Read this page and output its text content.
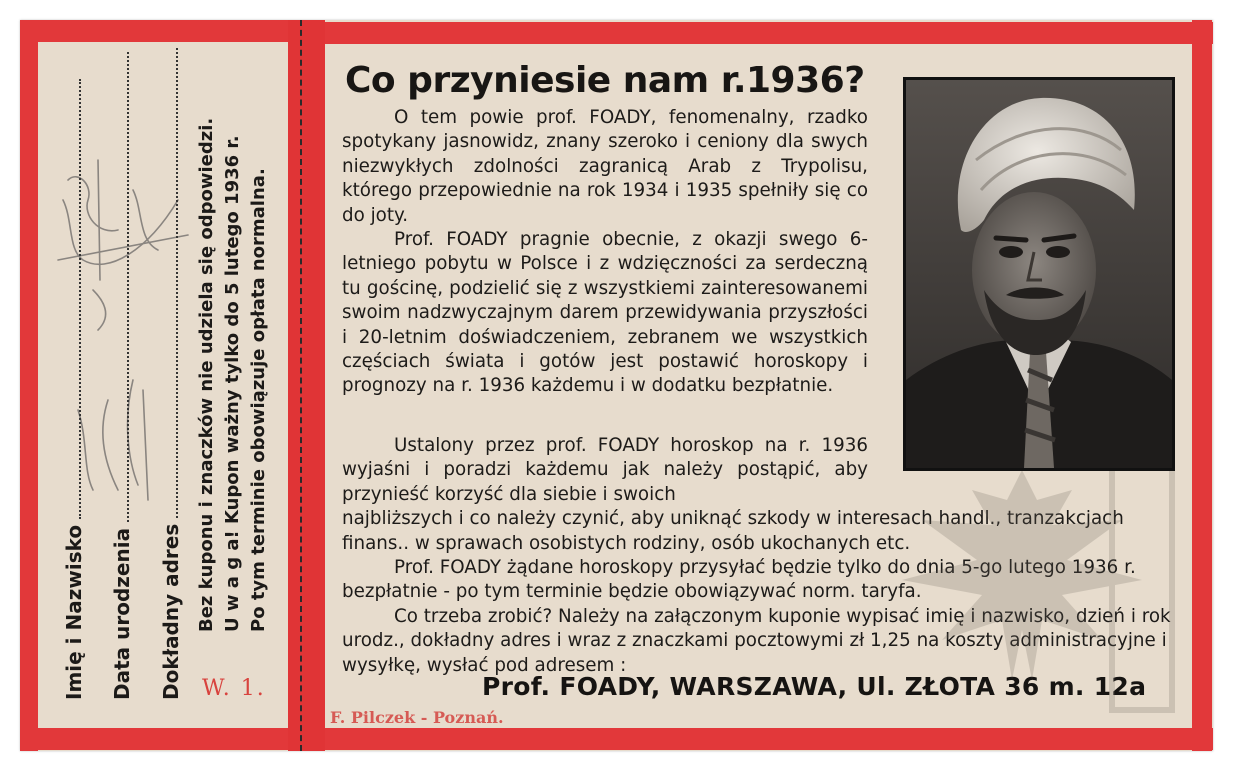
Imię i Nazwisko Data urodzenia Dokładny adres Bez kuponu i znaczków nie udziela się odpowiedzi. U w a g a! Kupon ważny tylko do 5 lutego 1936 r. Po tym terminie obowiązuje opłata normalna.
W. 1.
F. Pilczek - Poznań.
Co przyniesie nam r.1936?

O tem powie prof. FOADY, fenomenalny, rzadko spotykany jasnowidz, znany szeroko i ceniony dla swych niezwykłych zdolności zagranicą Arab z Trypolisu, którego przepowiednie na rok 1934 i 1935 spełniły się co do joty.

Prof. FOADY pragnie obecnie, z okazji swego 6-letniego pobytu w Polsce i z wdzięczności za serdeczną tu gościnę, podzielić się z wszystkiemi zainteresowanemi swoim nadzwyczajnym darem przewidywania przyszłości i 20-letnim doświadczeniem, zebranem we wszystkich częściach świata i gotów jest postawić horoskopy i prognozy na r. 1936 każdemu i w dodatku bezpłatnie.

Ustalony przez prof. FOADY horoskop na r. 1936 wyjaśni i poradzi każdemu jak należy postąpić, aby przynieść korzyść dla siebie i swoich

najbliższych i co należy czynić, aby uniknąć szkody w interesach handl., tranzakcjach finans.. w sprawach osobistych rodziny, osób ukochanych etc.

Prof. FOADY żądane horoskopy przysyłać będzie tylko do dnia 5-go lutego 1936 r. bezpłatnie - po tym terminie będzie obowiązywać norm. taryfa.

Co trzeba zrobić? Należy na załączonym kuponie wypisać imię i nazwisko, dzień i rok urodz., dokładny adres i wraz z znaczkami pocztowymi zł 1,25 na koszty administracyjne i wysyłkę, wysłać pod adresem :

Prof. FOADY, WARSZAWA, Ul. ZŁOTA 36 m. 12a
